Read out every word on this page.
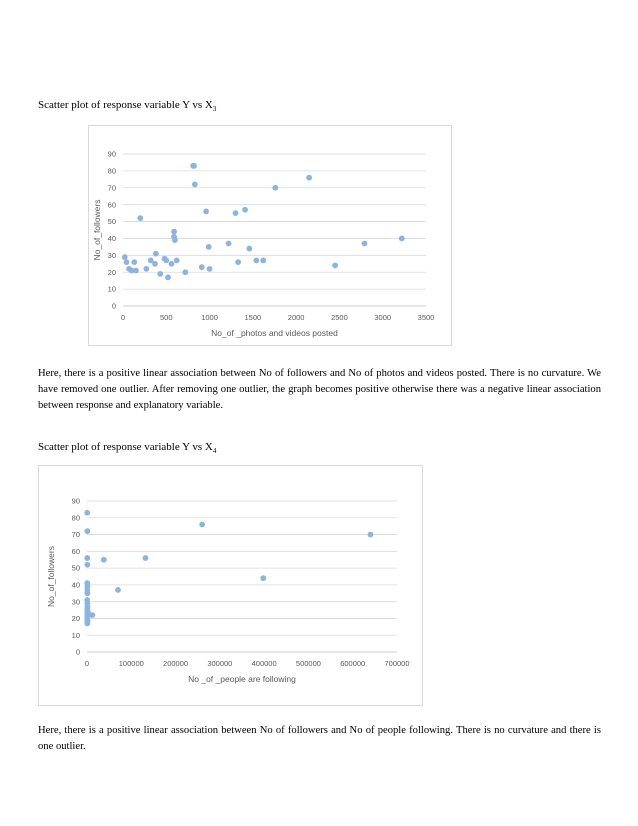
Scatter plot of response variable Y vs $X_3$
0
10
20
30
40
50
60
70
80
90
0	500	1000	1500	2000	2500	3000	3500
No_of _photos and videos posted
No_of_followers
Here, there is a positive linear association between No of followers and No of photos and videos posted. There is no curvature. We have removed one outlier. After removing one outlier, the graph becomes positive otherwise there was a negative linear association between response and explanatory variable.
Scatter plot of response variable Y vs $X_4$
0
10
20
30
40
50
60
70
80
90
0	100000	200000	300000	400000	500000	600000	700000
No _of _people are following
No_of_followers
Here, there is a positive linear association between No of followers and No of people following. There is no curvature and there is one outlier.
